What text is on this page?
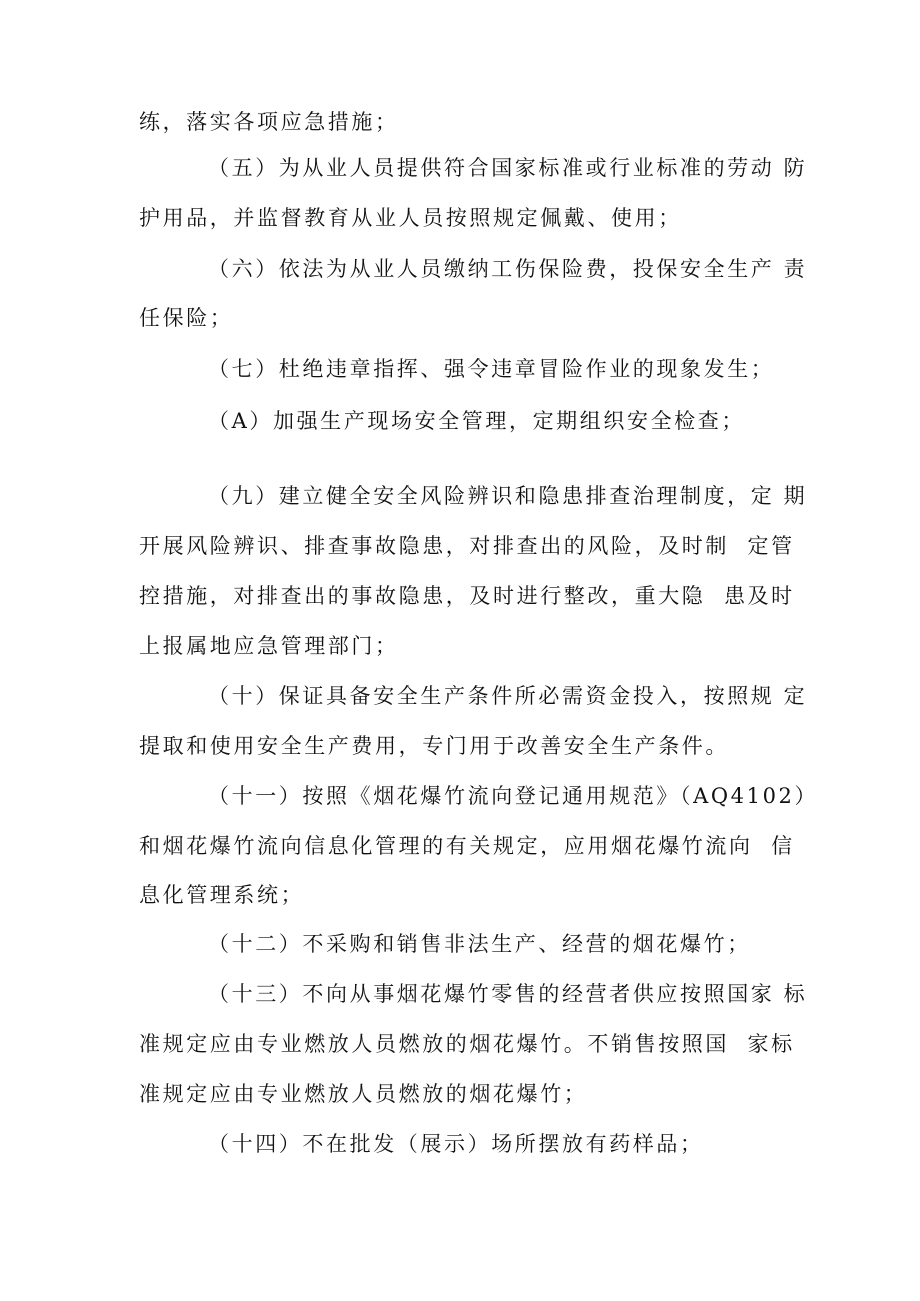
练，落实各项应急措施；
（五）为从业人员提供符合国家标准或行业标准的劳动 防
护用品，并监督教育从业人员按照规定佩戴、使用；
（六）依法为从业人员缴纳工伤保险费，投保安全生产 责
任保险；
（七）杜绝违章指挥、强令违章冒险作业的现象发生；
（A）加强生产现场安全管理，定期组织安全检查；
（九）建立健全安全风险辨识和隐患排查治理制度，定 期
开展风险辨识、排查事故隐患，对排查出的风险，及时制  定管
控措施，对排查出的事故隐患，及时进行整改，重大隐  患及时
上报属地应急管理部门；
（十）保证具备安全生产条件所必需资金投入，按照规 定
提取和使用安全生产费用，专门用于改善安全生产条件。
（十一）按照《烟花爆竹流向登记通用规范》（AQ4102）
和烟花爆竹流向信息化管理的有关规定，应用烟花爆竹流向  信
息化管理系统；
（十二）不采购和销售非法生产、经营的烟花爆竹；
（十三）不向从事烟花爆竹零售的经营者供应按照国家 标
准规定应由专业燃放人员燃放的烟花爆竹。不销售按照国  家标
准规定应由专业燃放人员燃放的烟花爆竹；
（十四）不在批发（展示）场所摆放有药样品；
